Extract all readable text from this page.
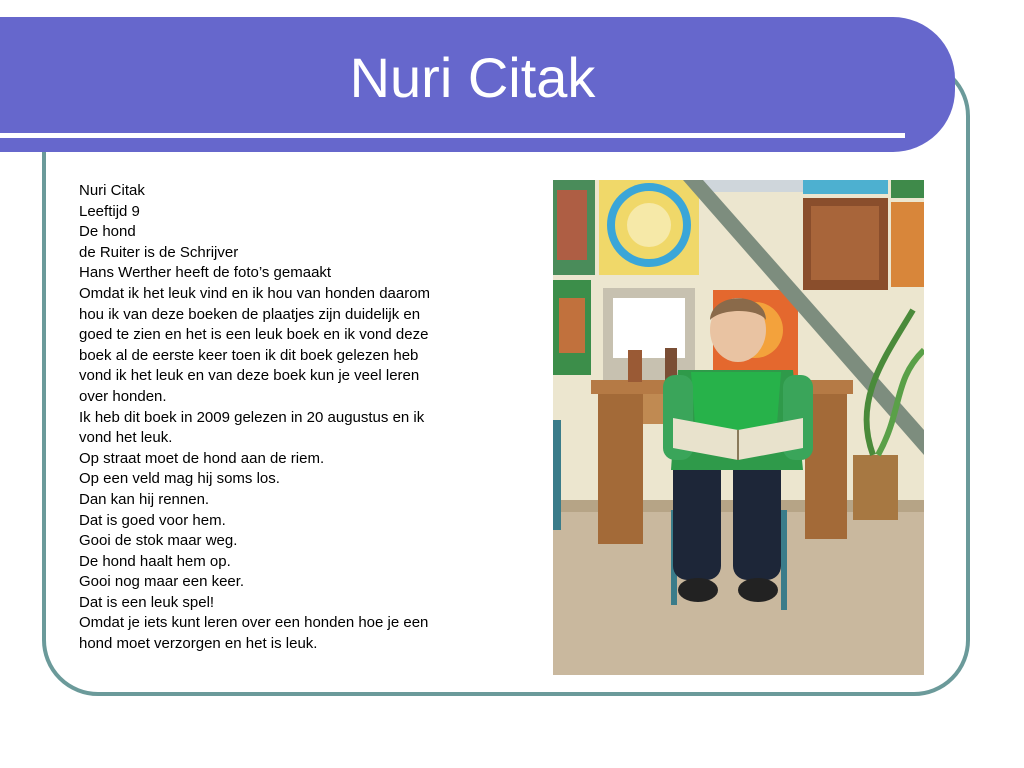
Nuri Citak
Nuri Citak
Leeftijd 9
De hond
de Ruiter is de Schrijver
Hans Werther heeft de foto’s gemaakt
Omdat ik het leuk vind en ik hou van honden daarom
hou ik van deze boeken de plaatjes zijn duidelijk en
goed te zien en het is een leuk boek en ik vond deze
boek al de eerste keer toen ik dit boek gelezen heb
vond ik het leuk en van deze boek kun je veel leren
over honden.
Ik heb dit boek in 2009 gelezen in 20 augustus en ik
vond het leuk.
Op straat moet de hond aan de riem.
Op een veld mag hij soms los.
Dan kan hij rennen.
Dat is goed voor hem.
Gooi de stok maar weg.
De hond haalt hem op.
Gooi nog maar een keer.
Dat is een leuk spel!
Omdat je iets kunt leren over een honden hoe je een
hond moet verzorgen en het is leuk.
